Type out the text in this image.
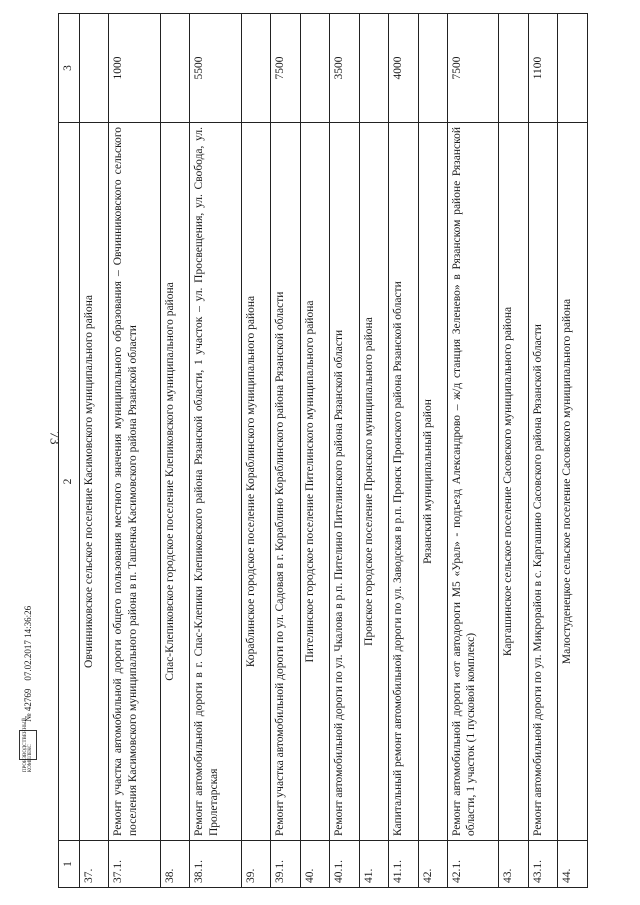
73
ПРОИЗВОДСТВЕННЫЙ КОМПЛЕКС
№ 42769
07.02.2017 14:36:26
1	2	3
37.	Овчинниковское сельское поселение Касимовского муниципального района	
37.1.	Ремонт участка автомобильной дороги общего пользования местного значения муниципального образования – Овчинниковского сельского поселения Касимовского муниципального района в п. Ташенка Касимовского района Рязанской области	1000
38.	Спас-Клепиковское городское поселение Клепиковского муниципального района	
38.1.	Ремонт автомобильной дороги в г. Спас-Клепики Клепиковского района Рязанской области, 1 участок – ул. Просвещения, ул. Свобода, ул. Пролетарская	5500
39.	Кораблинское городское поселение Кораблинского муниципального района	
39.1.	Ремонт участка автомобильной дороги по ул. Садовая в г. Кораблино Кораблинского района Рязанской области	7500
40.	Пителинское городское поселение Пителинского муниципального района	
40.1.	Ремонт автомобильной дороги по ул. Чкалова в р.п. Пителино Пителинского района Рязанской области	3500
41.	Пронское городское поселение Пронского муниципального района	
41.1.	Капитальный ремонт автомобильной дороги по ул. Заводская в р.п. Пронск Пронского района Рязанской области	4000
42.	Рязанский муниципальный район	
42.1.	Ремонт автомобильной дороги «от автодороги М5 «Урал» - подъезд Александрово – ж/д станция Зеленево» в Рязанском районе Рязанской области, 1 участок (1 пусковой комплекс)	7500
43.	Каргашинское сельское поселение Сасовского муниципального района	
43.1.	Ремонт автомобильной дороги по ул. Микрорайон в с. Каргашино Сасовского района Рязанской области	1100
44.	Малостуденецкое сельское поселение Сасовского муниципального района	
